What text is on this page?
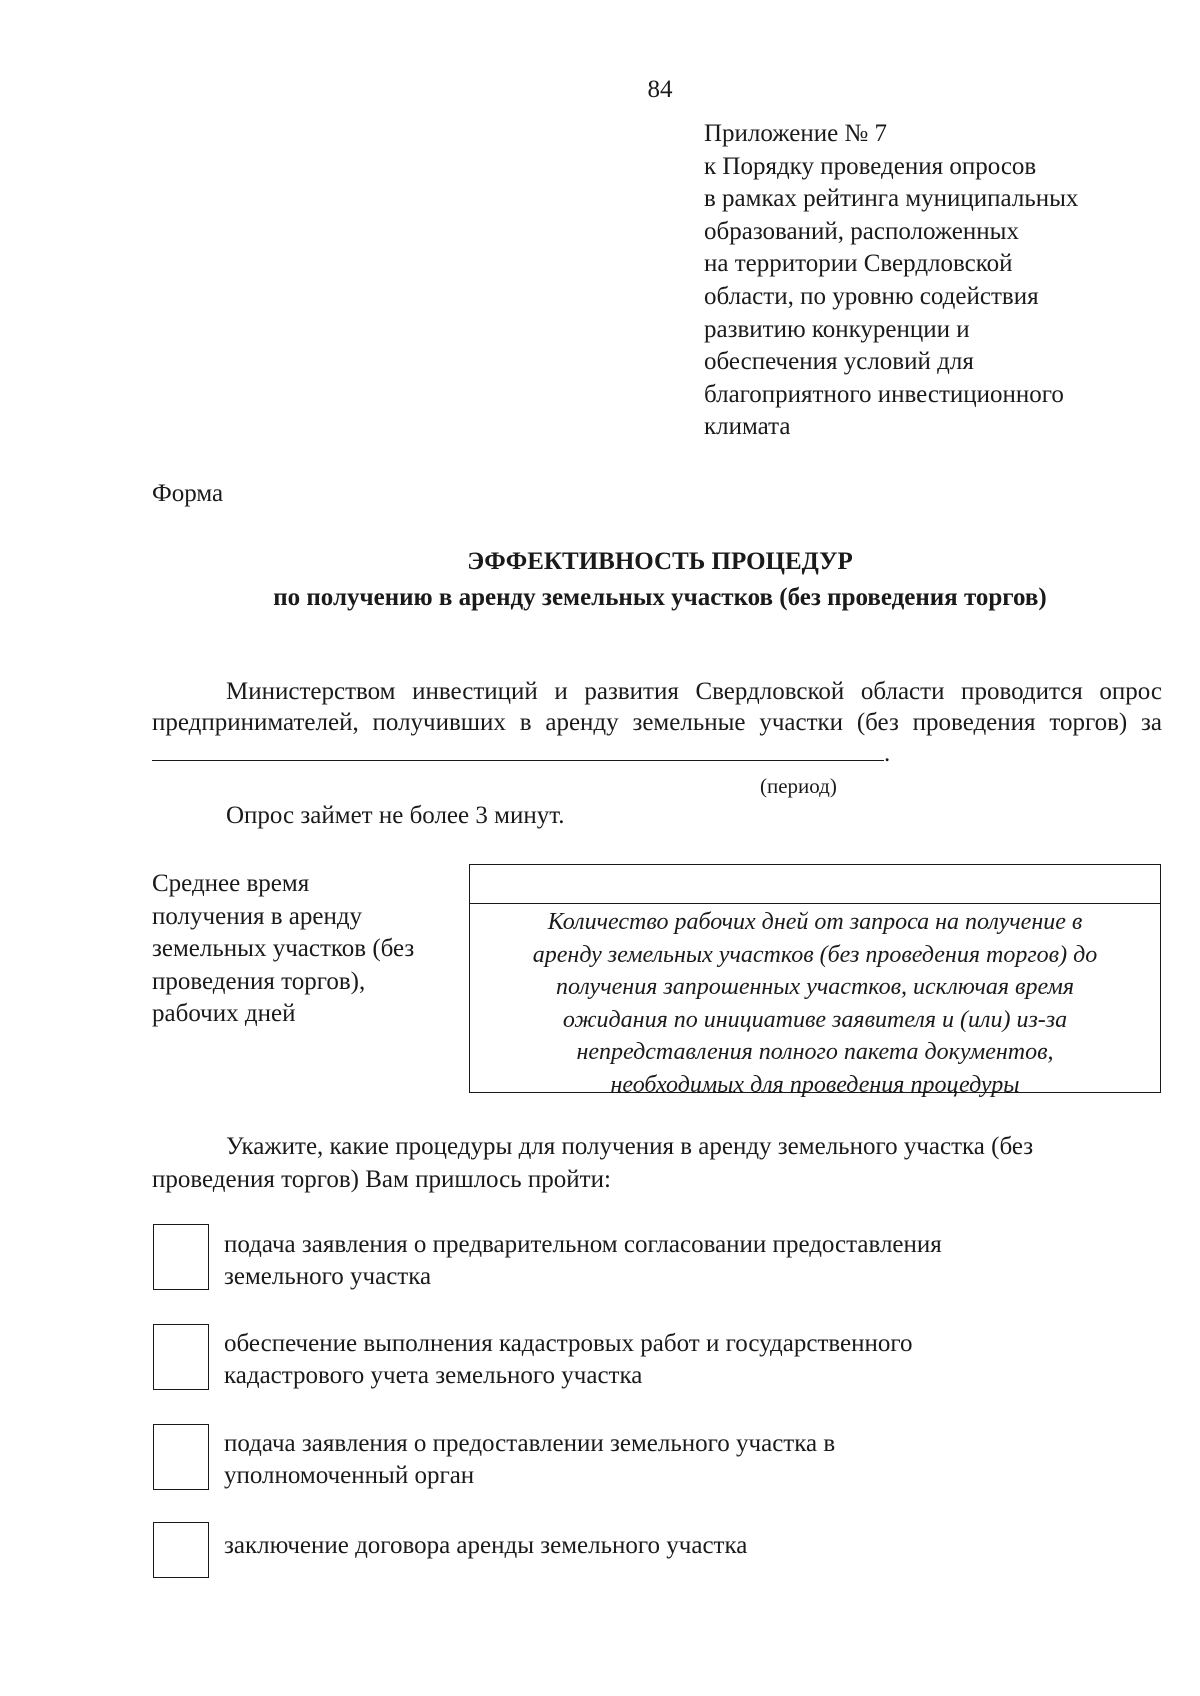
84
Приложение № 7
к Порядку проведения опросов
в рамках рейтинга муниципальных
образований, расположенных
на территории Свердловской
области, по уровню содействия
развитию конкуренции и
обеспечения условий для
благоприятного инвестиционного
климата
Форма
ЭФФЕКТИВНОСТЬ ПРОЦЕДУР
по получению в аренду земельных участков (без проведения торгов)
Министерством инвестиций и развития Свердловской области проводится опрос предпринимателей, получивших в аренду земельные участки (без проведения торгов) за.
(период)
Опрос займет не более 3 минут.
Среднее время
получения в аренду
земельных участков (без
проведения торгов),
рабочих дней
Количество рабочих дней от запроса на получение в
аренду земельных участков (без проведения торгов) до
получения запрошенных участков, исключая время
ожидания по инициативе заявителя и (или) из-за
непредставления полного пакета документов,
необходимых для проведения процедуры
Укажите, какие процедуры для получения в аренду земельного участка (без проведения торгов) Вам пришлось пройти:
подача заявления о предварительном согласовании предоставления
земельного участка
обеспечение выполнения кадастровых работ и государственного
кадастрового учета земельного участка
подача заявления о предоставлении земельного участка в
уполномоченный орган
заключение договора аренды земельного участка
